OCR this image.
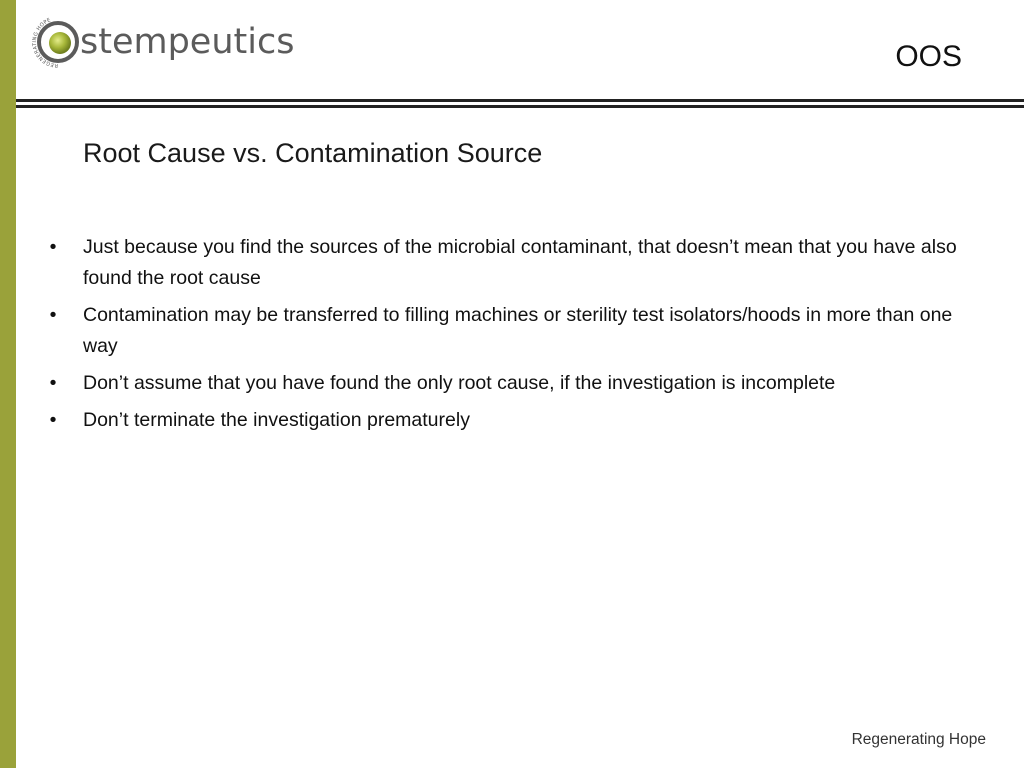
REGENERATING HOPE
stempeutics	OOS
Root Cause vs. Contamination Source
• Just because you find the sources of the microbial contaminant, that doesn’t mean that you have also found the root cause
• Contamination may be transferred to filling machines or sterility test isolators/hoods in more than one way
• Don’t assume that you have found the only root cause, if the investigation is incomplete
• Don’t terminate the investigation prematurely
Regenerating Hope
